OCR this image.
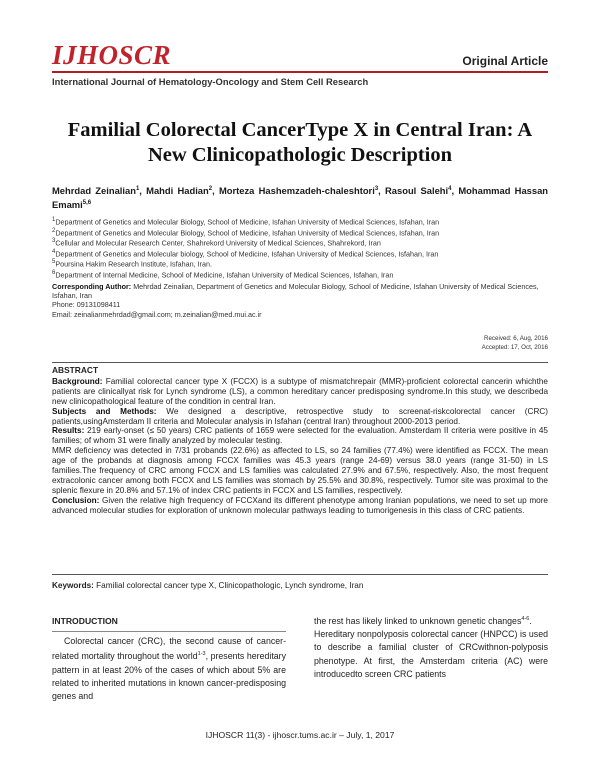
IJHOSCR	Original Article
International Journal of Hematology-Oncology and Stem Cell Research
Familial Colorectal CancerType X in Central Iran: A
New Clinicopathologic Description
Mehrdad Zeinalian$^1$, Mahdi Hadian$^2$, Morteza Hashemzadeh-chaleshtori$^3$, Rasoul Salehi$^4$, Mohammad Hassan Emami$^{5,6}$
$^1$Department of Genetics and Molecular Biology, School of Medicine, Isfahan University of Medical Sciences, Isfahan, Iran
$^2$Department of Genetics and Molecular Biology, School of Medicine, Isfahan University of Medical Sciences, Isfahan, Iran
$^3$Cellular and Molecular Research Center, Shahrekord University of Medical Sciences, Shahrekord, Iran
$^4$Department of Genetics and Molecular biology, School of Medicine, Isfahan University of Medical Sciences, Isfahan, Iran
$^5$Poursina Hakim Research Institute, Isfahan, Iran.
$^6$Department of Internal Medicine, School of Medicine, Isfahan University of Medical Sciences, Isfahan, Iran
Corresponding Author: Mehrdad Zeinalian, Department of Genetics and Molecular Biology, School of Medicine, Isfahan University of Medical Sciences, Isfahan, Iran
Phone: 09131098411
Email: zeinalianmehrdad@gmail.com; m.zeinalian@med.mui.ac.ir
Received: 6, Aug, 2016
Accepted: 17, Oct, 2016
ABSTRACT

Background: Familial colorectal cancer type X (FCCX) is a subtype of mismatchrepair (MMR)-proficient colorectal cancerin whichthe patients are clinicallyat risk for Lynch syndrome (LS), a common hereditary cancer predisposing syndrome.In this study, we describeda new clinicopathological feature of the condition in central Iran.

Subjects and Methods: We designed a descriptive, retrospective study to screenat-riskcolorectal cancer (CRC) patients,usingAmsterdam II criteria and Molecular analysis in Isfahan (central Iran) throughout 2000-2013 period.

Results: 219 early-onset (≤ 50 years) CRC patients of 1659 were selected for the evaluation. Amsterdam II criteria were positive in 45 families; of whom 31 were finally analyzed by molecular testing.

MMR deficiency was detected in 7/31 probands (22.6%) as affected to LS, so 24 families (77.4%) were identified as FCCX. The mean age of the probands at diagnosis among FCCX families was 45.3 years (range 24-69) versus 38.0 years (range 31-50) in LS families.The frequency of CRC among FCCX and LS families was calculated 27.9% and 67.5%, respectively. Also, the most frequent extracolonic cancer among both FCCX and LS families was stomach by 25.5% and 30.8%, respectively. Tumor site was proximal to the splenic flexure in 20.8% and 57.1% of index CRC patients in FCCX and LS families, respectively.

Conclusion: Given the relative high frequency of FCCXand its different phenotype among Iranian populations, we need to set up more advanced molecular studies for exploration of unknown molecular pathways leading to tumorigenesis in this class of CRC patients.

Keywords: Familial colorectal cancer type X, Clinicopathologic, Lynch syndrome, Iran
INTRODUCTION

Colorectal cancer (CRC), the second cause of cancer-related mortality throughout the world$^{1-3}$, presents hereditary pattern in at least 20% of the cases of which about 5% are related to inherited mutations in known cancer-predisposing genes and

the rest has likely linked to unknown genetic changes$^{4-6}$.

Hereditary nonpolyposis colorectal cancer (HNPCC) is used to describe a familial cluster of CRCwithnon-polyposis phenotype. At first, the Amsterdam criteria (AC) were introducedto screen CRC patients

IJHOSCR 11(3) - ijhoscr.tums.ac.ir – July, 1, 2017
